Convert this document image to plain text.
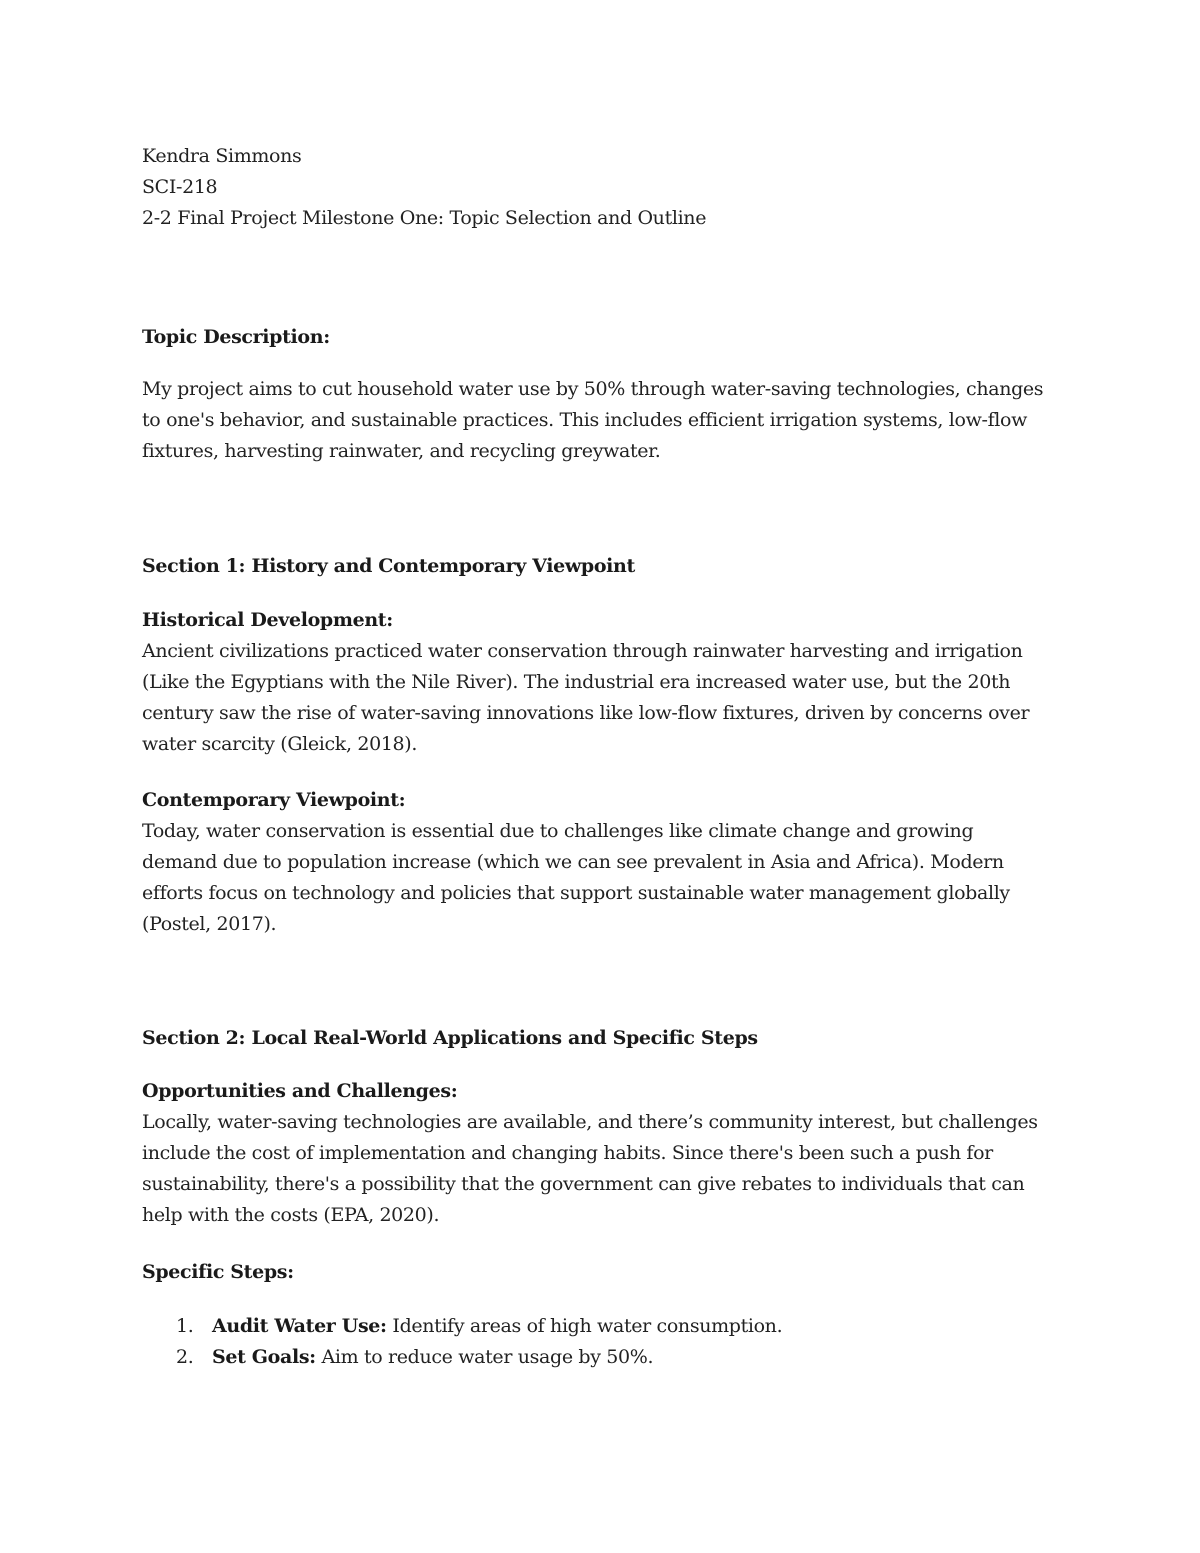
Kendra Simmons
SCI-218
2-2 Final Project Milestone One: Topic Selection and Outline
Topic Description:
My project aims to cut household water use by 50% through water-saving technologies, changes
to one's behavior, and sustainable practices. This includes efficient irrigation systems, low-flow
fixtures, harvesting rainwater, and recycling greywater.
Section 1: History and Contemporary Viewpoint
Historical Development:
Ancient civilizations practiced water conservation through rainwater harvesting and irrigation
(Like the Egyptians with the Nile River). The industrial era increased water use, but the 20th
century saw the rise of water-saving innovations like low-flow fixtures, driven by concerns over
water scarcity (Gleick, 2018).
Contemporary Viewpoint:
Today, water conservation is essential due to challenges like climate change and growing
demand due to population increase (which we can see prevalent in Asia and Africa). Modern
efforts focus on technology and policies that support sustainable water management globally
(Postel, 2017).
Section 2: Local Real-World Applications and Specific Steps
Opportunities and Challenges:
Locally, water-saving technologies are available, and there’s community interest, but challenges
include the cost of implementation and changing habits. Since there's been such a push for
sustainability, there's a possibility that the government can give rebates to individuals that can
help with the costs (EPA, 2020).
Specific Steps:
1. Audit Water Use: Identify areas of high water consumption.
2. Set Goals: Aim to reduce water usage by 50%.
